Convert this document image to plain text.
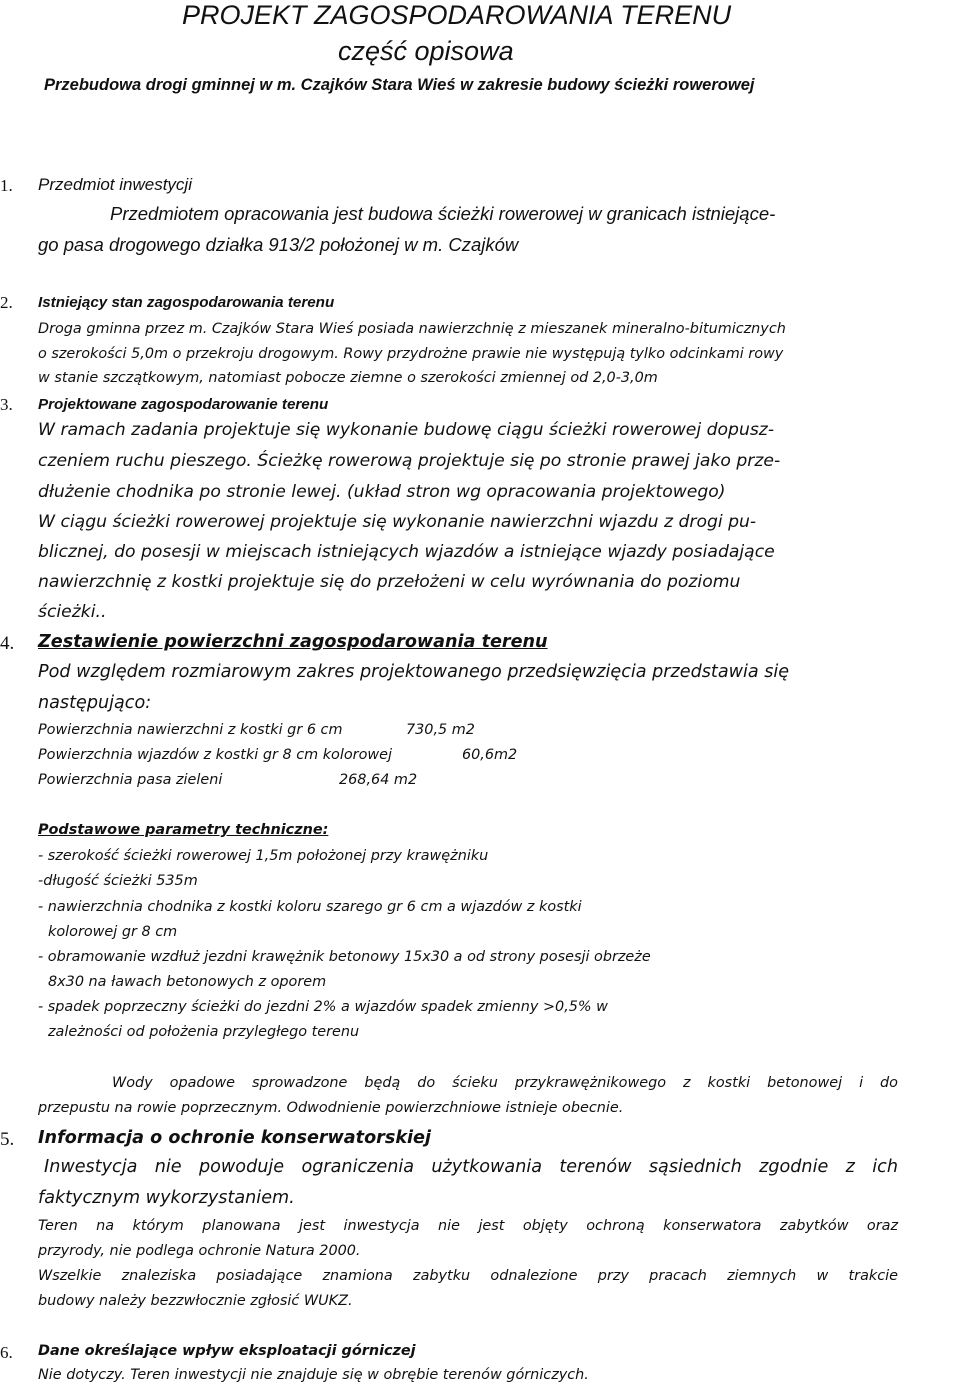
PROJEKT ZAGOSPODAROWANIA TERENU
część opisowa
Przebudowa drogi gminnej w m. Czajków Stara Wieś w zakresie budowy ścieżki rowerowej
1. Przedmiot inwestycji
Przedmiotem opracowania jest budowa ścieżki rowerowej w granicach istniejące-
go pasa drogowego działka 913/2 położonej w m. Czajków
2. Istniejący stan zagospodarowania terenu
Droga gminna przez m. Czajków Stara Wieś posiada nawierzchnię z mieszanek mineralno-bitumicznych
o szerokości 5,0m o przekroju drogowym. Rowy przydrożne prawie nie występują tylko odcinkami rowy
w stanie szczątkowym, natomiast pobocze ziemne o szerokości zmiennej od 2,0-3,0m
3. Projektowane zagospodarowanie terenu
W ramach zadania projektuje się wykonanie budowę ciągu ścieżki rowerowej dopusz-
czeniem ruchu pieszego. Ścieżkę rowerową projektuje się po stronie prawej jako prze-
dłużenie chodnika po stronie lewej. (układ stron wg opracowania projektowego)
W ciągu ścieżki rowerowej projektuje się wykonanie nawierzchni wjazdu z drogi pu-
blicznej, do posesji w miejscach istniejących wjazdów a istniejące wjazdy posiadające
nawierzchnię z kostki projektuje się do przełożeni w celu wyrównania do poziomu
ścieżki..
4. Zestawienie powierzchni zagospodarowania terenu
Pod względem rozmiarowym zakres projektowanego przedsięwzięcia przedstawia się
następująco:
Powierzchnia nawierzchni z kostki gr 6 cm	730,5 m2
Powierzchnia wjazdów z kostki gr 8 cm kolorowej	60,6m2
Powierzchnia pasa zieleni	268,64 m2
Podstawowe parametry techniczne:
- szerokość ścieżki rowerowej 1,5m położonej przy krawężniku
-długość ścieżki 535m
- nawierzchnia chodnika z kostki koloru szarego gr 6 cm a wjazdów z kostki
kolorowej gr 8 cm
- obramowanie wzdłuż jezdni krawężnik betonowy 15x30 a od strony posesji obrzeże
8x30 na ławach betonowych z oporem
- spadek poprzeczny ścieżki do jezdni 2% a wjazdów spadek zmienny >0,5% w
zależności od położenia przyległego terenu
Wody opadowe sprowadzone będą do ścieku przykrawężnikowego z kostki betonowej i do
przepustu na rowie poprzecznym. Odwodnienie powierzchniowe istnieje obecnie.
5. Informacja o ochronie konserwatorskiej
Inwestycja nie powoduje ograniczenia użytkowania terenów sąsiednich zgodnie z ich
faktycznym wykorzystaniem.
Teren na którym planowana jest inwestycja nie jest objęty ochroną konserwatora zabytków oraz
przyrody, nie podlega ochronie Natura 2000.
Wszelkie znaleziska posiadające znamiona zabytku odnalezione przy pracach ziemnych w trakcie
budowy należy bezzwłocznie zgłosić WUKZ.
6. Dane określające wpływ eksploatacji górniczej
Nie dotyczy. Teren inwestycji nie znajduje się w obrębie terenów górniczych.
